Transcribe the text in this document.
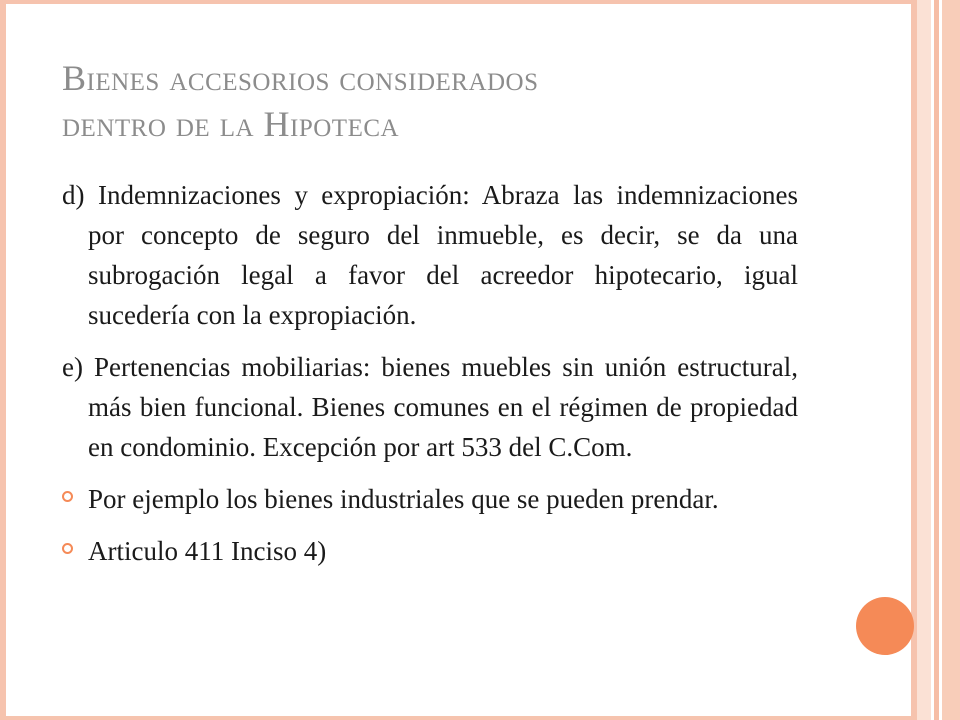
Bienes accesorios considerados
dentro de la Hipoteca

d) Indemnizaciones y expropiación: Abraza las indemnizaciones por concepto de seguro del inmueble, es decir, se da una subrogación legal a favor del acreedor hipotecario, igual sucedería con la expropiación.

e) Pertenencias mobiliarias: bienes muebles sin unión estructural, más bien funcional. Bienes comunes en el régimen de propiedad en condominio. Excepción por art 533 del C.Com.

Por ejemplo los bienes industriales que se pueden prendar.
Articulo 411 Inciso 4)
